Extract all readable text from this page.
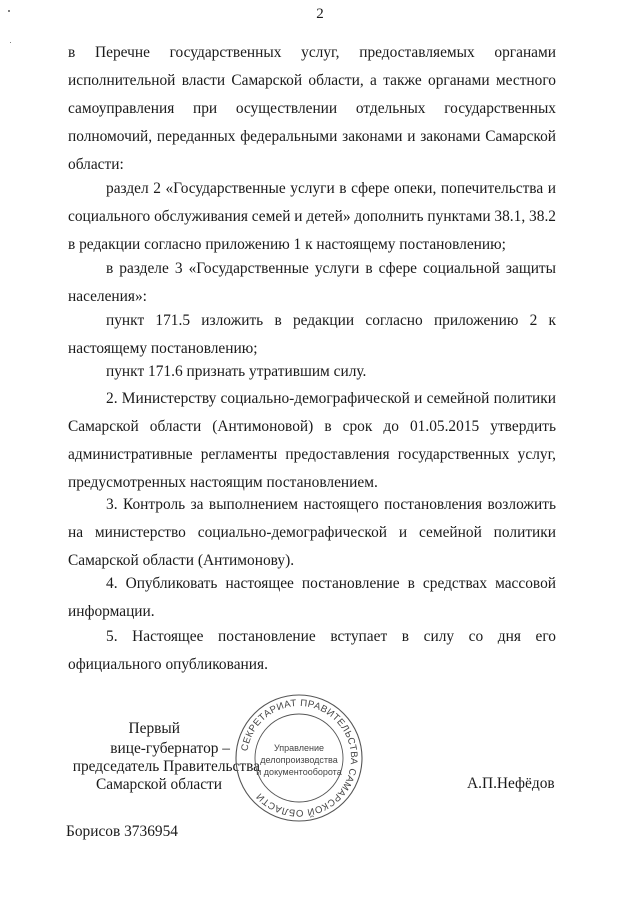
2

в Перечне государственных услуг, предоставляемых органами исполнительной власти Самарской области, а также органами местного самоуправления при осуществлении отдельных государственных полномочий, переданных федеральными законами и законами Самарской области:

раздел 2 «Государственные услуги в сфере опеки, попечительства и социального обслуживания семей и детей» дополнить пунктами 38.1, 38.2 в редакции согласно приложению 1 к настоящему постановлению;

в разделе 3 «Государственные услуги в сфере социальной защиты населения»:

пункт 171.5 изложить в редакции согласно приложению 2 к настоящему постановлению;

пункт 171.6 признать утратившим силу.

2. Министерству социально-демографической и семейной политики Самарской области (Антимоновой) в срок до 01.05.2015 утвердить административные регламенты предоставления государственных услуг, предусмотренных настоящим постановлением.

3. Контроль за выполнением настоящего постановления возложить на министерство социально-демографической и семейной политики Самарской области (Антимонову).

4. Опубликовать настоящее постановление в средствах массовой информации.

5. Настоящее постановление вступает в силу со дня его официального опубликования.

Первый
вице-губернатор –
председатель Правительства
Самарской области
СЕКРЕТАРИАТ ПРАВИТЕЛЬСТВА САМАРСКОЙ ОБЛАСТИ
Управление
делопроизводства
и документооборота
А.П.Нефёдов
Борисов 3736954
